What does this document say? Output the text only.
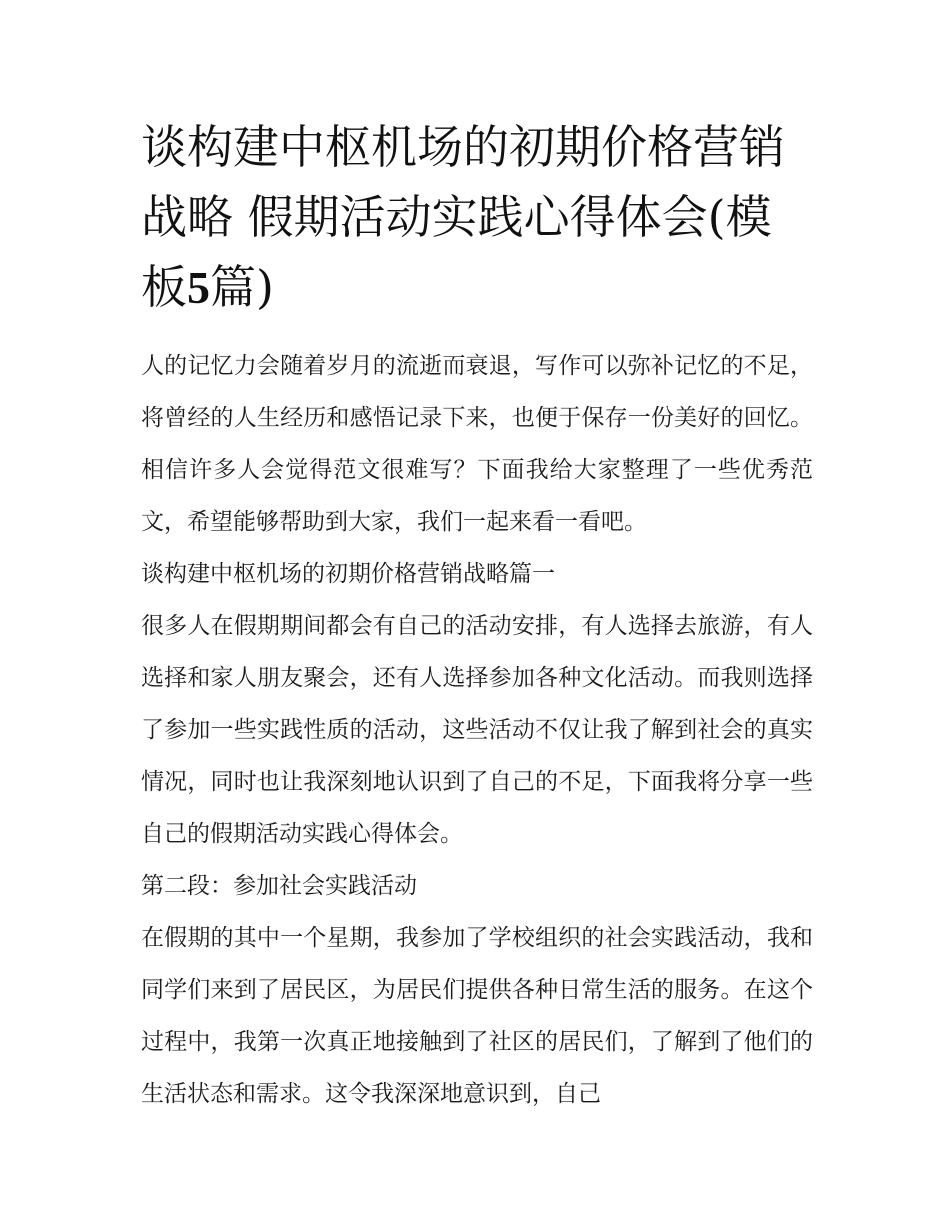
谈构建中枢机场的初期价格营销战略 假期活动实践心得体会(模板5篇)

人的记忆力会随着岁月的流逝而衰退，写作可以弥补记忆的不足，将曾经的人生经历和感悟记录下来，也便于保存一份美好的回忆。相信许多人会觉得范文很难写？下面我给大家整理了一些优秀范文，希望能够帮助到大家，我们一起来看一看吧。

谈构建中枢机场的初期价格营销战略篇一

很多人在假期期间都会有自己的活动安排，有人选择去旅游，有人选择和家人朋友聚会，还有人选择参加各种文化活动。而我则选择了参加一些实践性质的活动，这些活动不仅让我了解到社会的真实情况，同时也让我深刻地认识到了自己的不足，下面我将分享一些自己的假期活动实践心得体会。

第二段：参加社会实践活动

在假期的其中一个星期，我参加了学校组织的社会实践活动，我和同学们来到了居民区，为居民们提供各种日常生活的服务。在这个过程中，我第一次真正地接触到了社区的居民们，了解到了他们的生活状态和需求。这令我深深地意识到，自己
